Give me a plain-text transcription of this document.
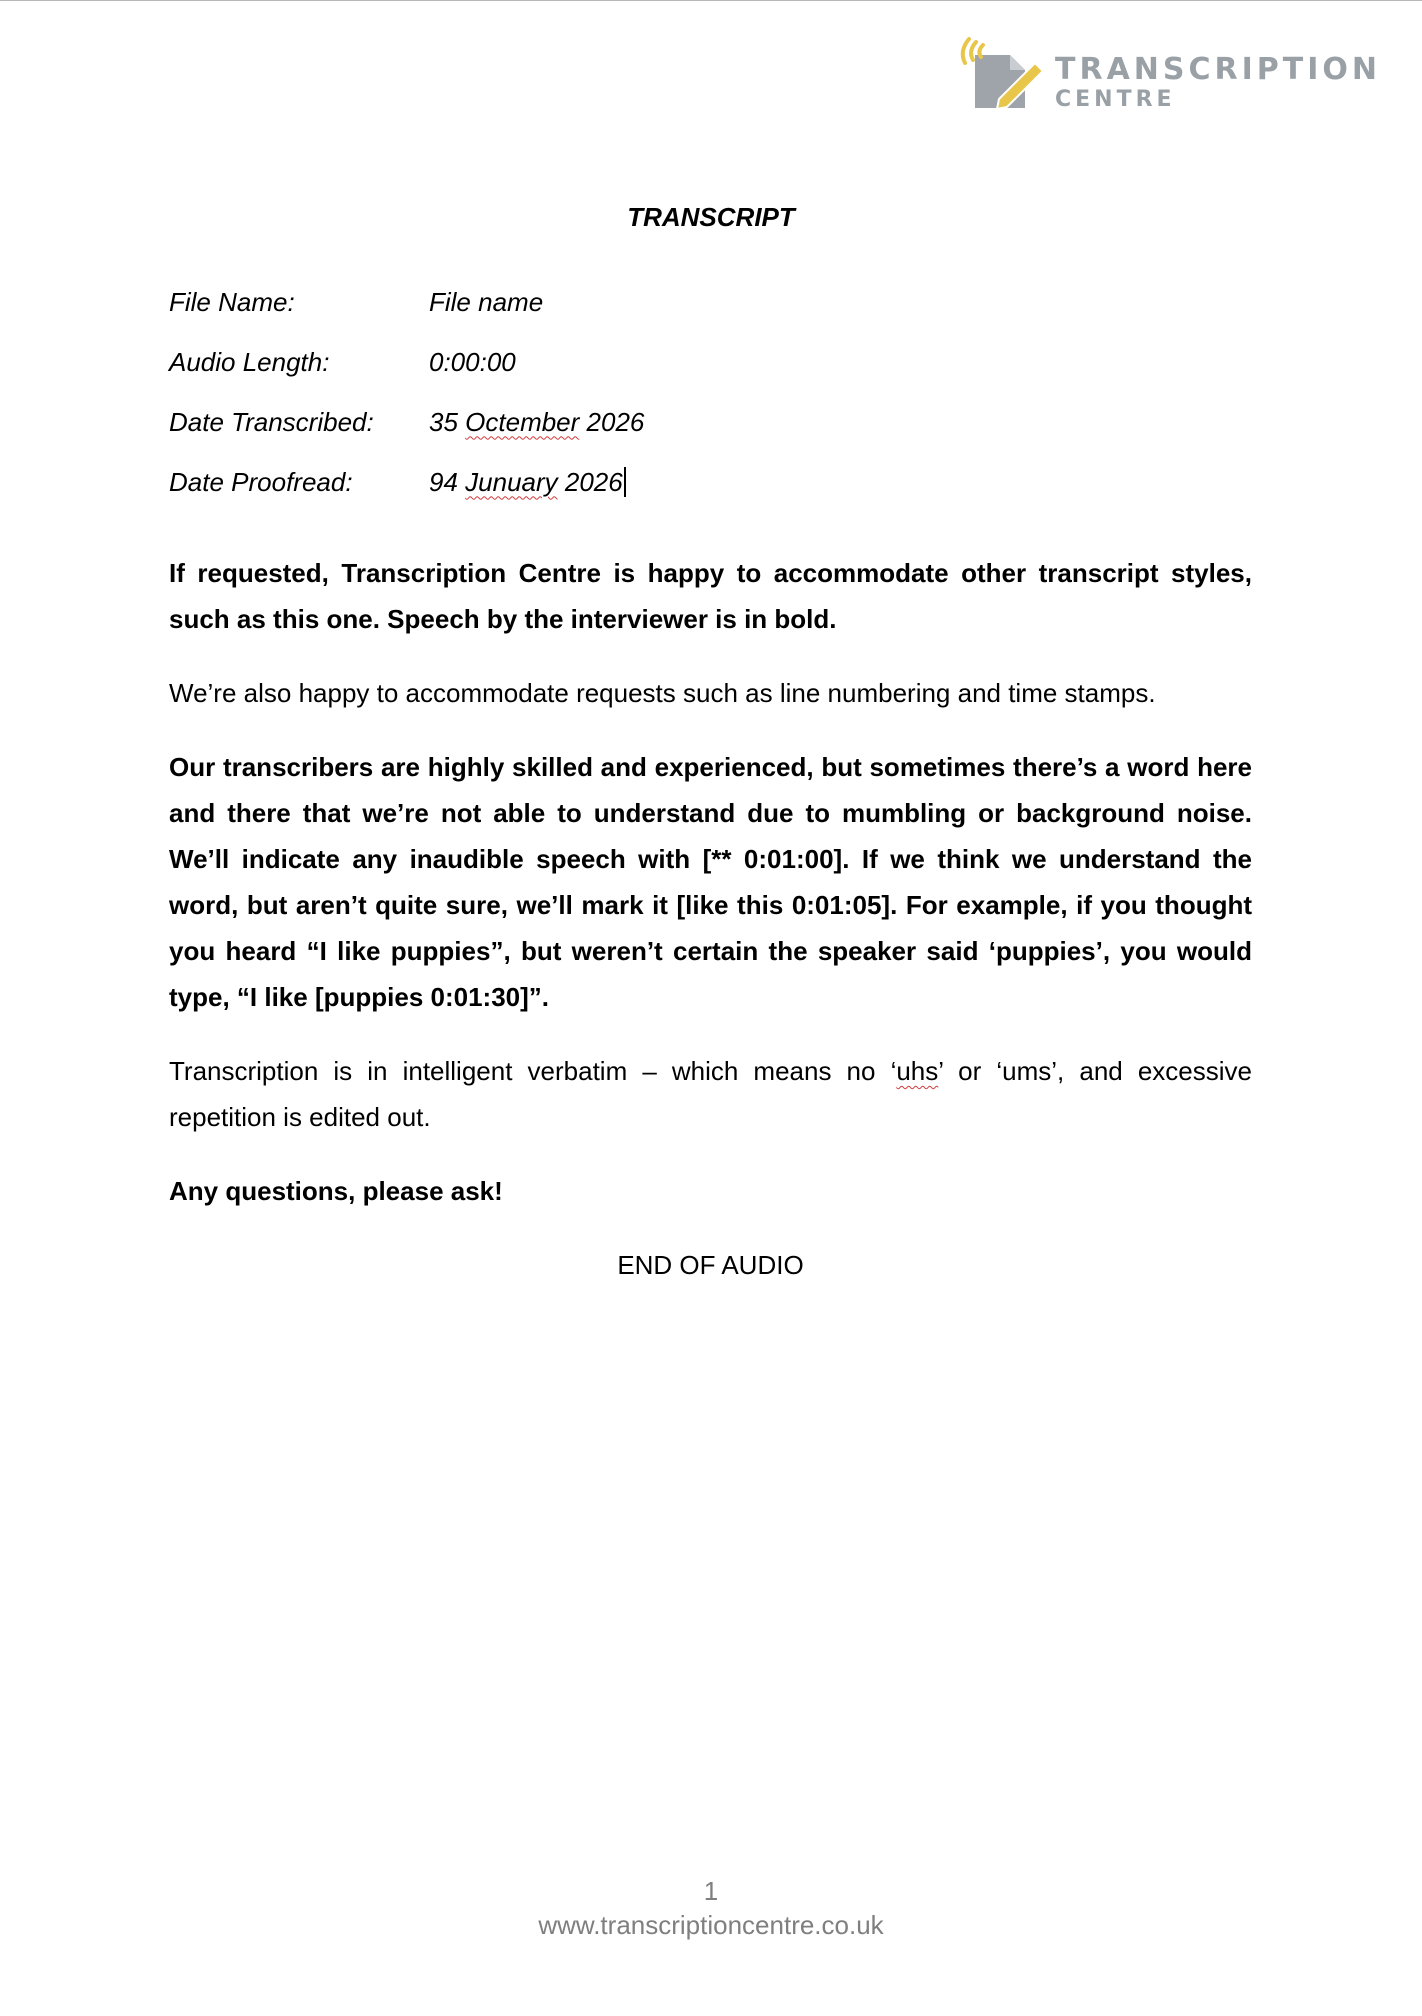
TRANSCRIPTION
CENTRE
TRANSCRIPT
File Name:	File name
Audio Length:	0:00:00
Date Transcribed:	35 Octember 2026
Date Proofread:	94 Junuary 2026

If requested, Transcription Centre is happy to accommodate other transcript styles, such as this one. Speech by the interviewer is in bold.

We’re also happy to accommodate requests such as line numbering and time stamps.

Our transcribers are highly skilled and experienced, but sometimes there’s a word here and there that we’re not able to understand due to mumbling or background noise. We’ll indicate any inaudible speech with [** 0:01:00]. If we think we understand the word, but aren’t quite sure, we’ll mark it [like this 0:01:05]. For example, if you thought you heard “I like puppies”, but weren’t certain the speaker said ‘puppies’, you would type, “I like [puppies 0:01:30]”.

Transcription is in intelligent verbatim – which means no ‘uhs’ or ‘ums’, and excessive repetition is edited out.

Any questions, please ask!

END OF AUDIO
1
www.transcriptioncentre.co.uk
